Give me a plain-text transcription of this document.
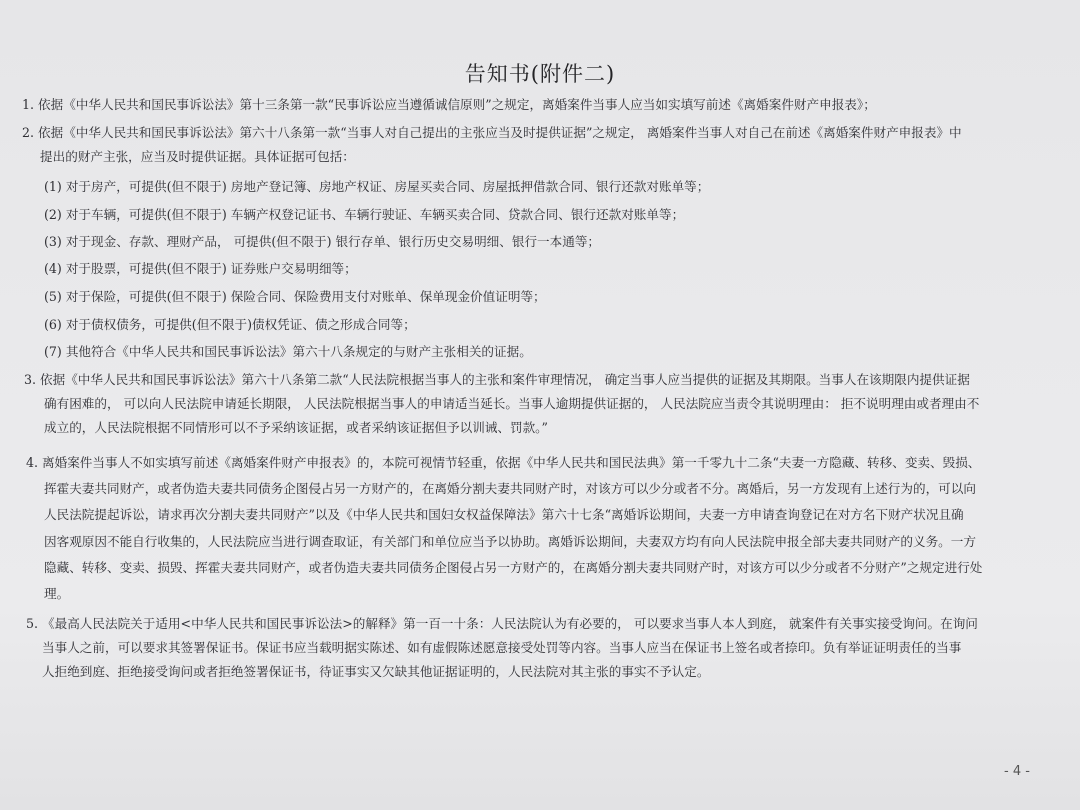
告知书(附件二)
1. 依据《中华人民共和国民事诉讼法》第十三条第一款“民事诉讼应当遵循诚信原则”之规定，离婚案件当事人应当如实填写前述《离婚案件财产申报表》；
2. 依据《中华人民共和国民事诉讼法》第六十八条第一款“当事人对自己提出的主张应当及时提供证据”之规定， 离婚案件当事人对自己在前述《离婚案件财产申报表》中
提出的财产主张，应当及时提供证据。具体证据可包括：
(1) 对于房产，可提供(但不限于) 房地产登记簿、房地产权证、房屋买卖合同、房屋抵押借款合同、银行还款对账单等；
(2) 对于车辆，可提供(但不限于) 车辆产权登记证书、车辆行驶证、车辆买卖合同、贷款合同、银行还款对账单等；
(3) 对于现金、存款、理财产品， 可提供(但不限于) 银行存单、银行历史交易明细、银行一本通等；
(4) 对于股票，可提供(但不限于) 证券账户交易明细等；
(5) 对于保险，可提供(但不限于) 保险合同、保险费用支付对账单、保单现金价值证明等；
(6) 对于债权债务，可提供(但不限于)债权凭证、债之形成合同等；
(7) 其他符合《中华人民共和国民事诉讼法》第六十八条规定的与财产主张相关的证据。
3. 依据《中华人民共和国民事诉讼法》第六十八条第二款“人民法院根据当事人的主张和案件审理情况， 确定当事人应当提供的证据及其期限。当事人在该期限内提供证据
确有困难的， 可以向人民法院申请延长期限， 人民法院根据当事人的申请适当延长。当事人逾期提供证据的， 人民法院应当责令其说明理由： 拒不说明理由或者理由不
成立的，人民法院根据不同情形可以不予采纳该证据，或者采纳该证据但予以训诫、罚款。”
4. 离婚案件当事人不如实填写前述《离婚案件财产申报表》的，本院可视情节轻重，依据《中华人民共和国民法典》第一千零九十二条“夫妻一方隐藏、转移、变卖、毁损、
挥霍夫妻共同财产，或者伪造夫妻共同债务企图侵占另一方财产的，在离婚分割夫妻共同财产时，对该方可以少分或者不分。离婚后，另一方发现有上述行为的，可以向
人民法院提起诉讼，请求再次分割夫妻共同财产”以及《中华人民共和国妇女权益保障法》第六十七条“离婚诉讼期间，夫妻一方申请查询登记在对方名下财产状况且确
因客观原因不能自行收集的，人民法院应当进行调查取证，有关部门和单位应当予以协助。离婚诉讼期间，夫妻双方均有向人民法院申报全部夫妻共同财产的义务。一方
隐藏、转移、变卖、损毁、挥霍夫妻共同财产，或者伪造夫妻共同债务企图侵占另一方财产的，在离婚分割夫妻共同财产时，对该方可以少分或者不分财产”之规定进行处
理。
5. 《最高人民法院关于适用<中华人民共和国民事诉讼法>的解释》第一百一十条：人民法院认为有必要的， 可以要求当事人本人到庭， 就案件有关事实接受询问。在询问
当事人之前，可以要求其签署保证书。保证书应当载明据实陈述、如有虚假陈述愿意接受处罚等内容。当事人应当在保证书上签名或者捺印。负有举证证明责任的当事
人拒绝到庭、拒绝接受询问或者拒绝签署保证书，待证事实又欠缺其他证据证明的，人民法院对其主张的事实不予认定。
- 4 -
